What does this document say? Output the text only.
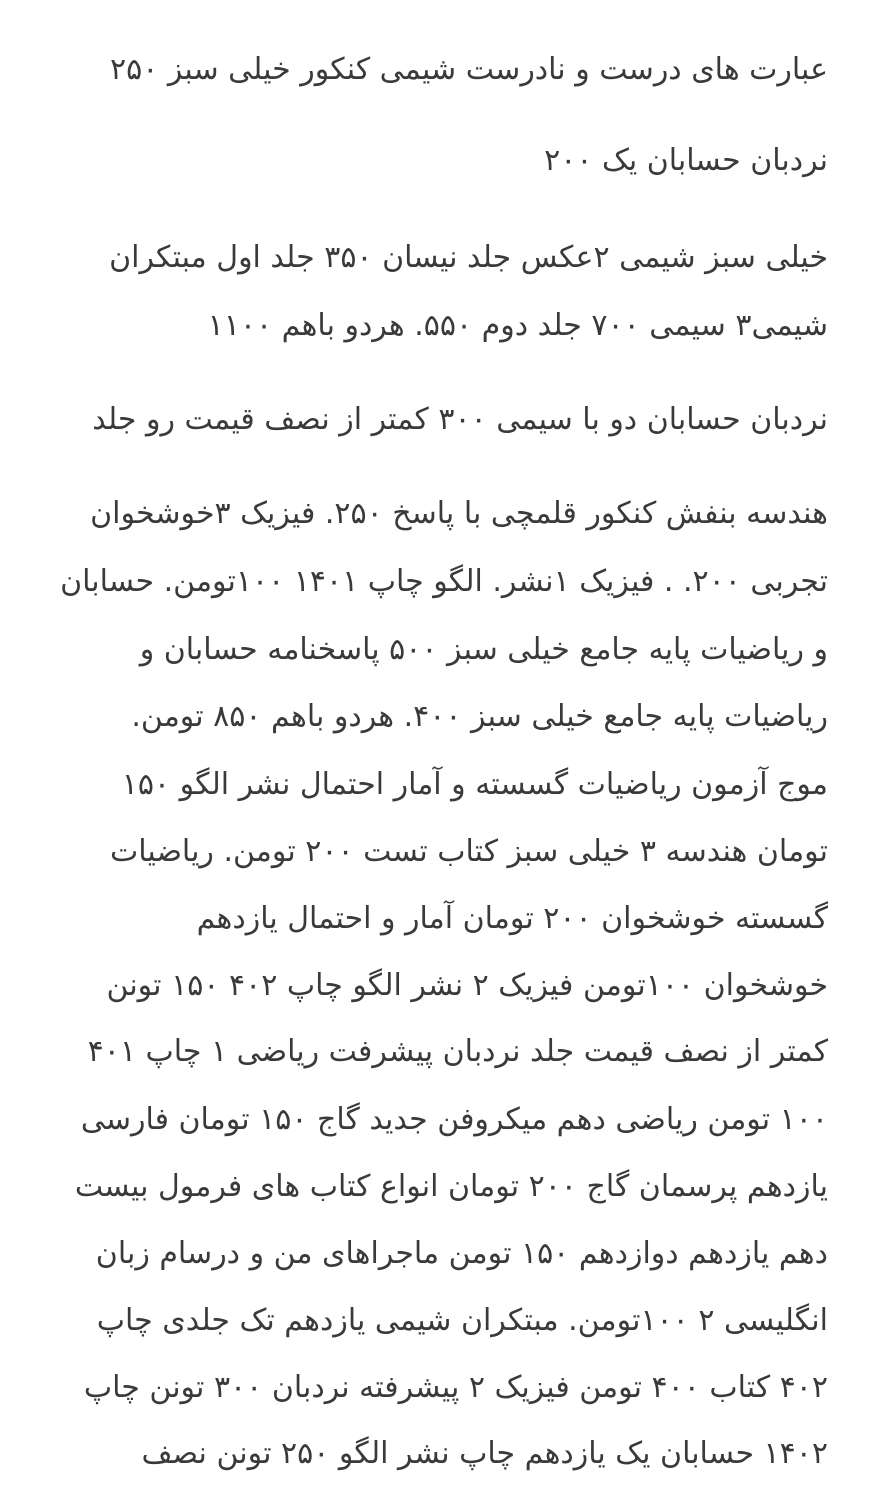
عبارت های درست و نادرست شیمی کنکور خیلی سبز ۲۵۰
نردبان حسابان یک ۲۰۰
خیلی سبز شیمی ۲عکس جلد نیسان ۳۵۰ جلد اول مبتکران
شیمی۳ سیمی ۷۰۰ جلد دوم ۵۵۰. هردو باهم ۱۱۰۰
نردبان حسابان دو با سیمی ۳۰۰ کمتر از نصف قیمت رو جلد
هندسه بنفش کنکور قلمچی با پاسخ ۲۵۰. فیزیک ۳خوشخوان
تجربی ۲۰۰. . فیزیک ۱نشر. الگو چاپ ۱۴۰۱ ۱۰۰تومن. حسابان
و ریاضیات پایه جامع خیلی سبز ۵۰۰ پاسخنامه حسابان و
ریاضیات پایه جامع خیلی سبز ۴۰۰. هردو باهم ۸۵۰ تومن.
موج آزمون ریاضیات گسسته و آمار احتمال نشر الگو ۱۵۰
تومان هندسه ۳ خیلی سبز کتاب تست ۲۰۰ تومن. ریاضیات
گسسته خوشخوان ۲۰۰ تومان آمار و احتمال یازدهم
خوشخوان ۱۰۰تومن فیزیک ۲ نشر الگو چاپ ۴۰۲ ۱۵۰ تونن
کمتر از نصف قیمت جلد نردبان پیشرفت ریاضی ۱ چاپ ۴۰۱
۱۰۰ تومن ریاضی دهم میکروفن جدید گاج ۱۵۰ تومان فارسی
یازدهم پرسمان گاج ۲۰۰ تومان انواع کتاب های فرمول بیست
دهم یازدهم دوازدهم ۱۵۰ تومن ماجراهای من و درسام زبان
انگلیسی ۲ ۱۰۰تومن. مبتکران شیمی یازدهم تک جلدی چاپ
۴۰۲ کتاب ۴۰۰ تومن فیزیک ۲ پیشرفته نردبان ۳۰۰ تونن چاپ
۱۴۰۲ حسابان یک یازدهم چاپ نشر الگو ۲۵۰ تونن نصف
